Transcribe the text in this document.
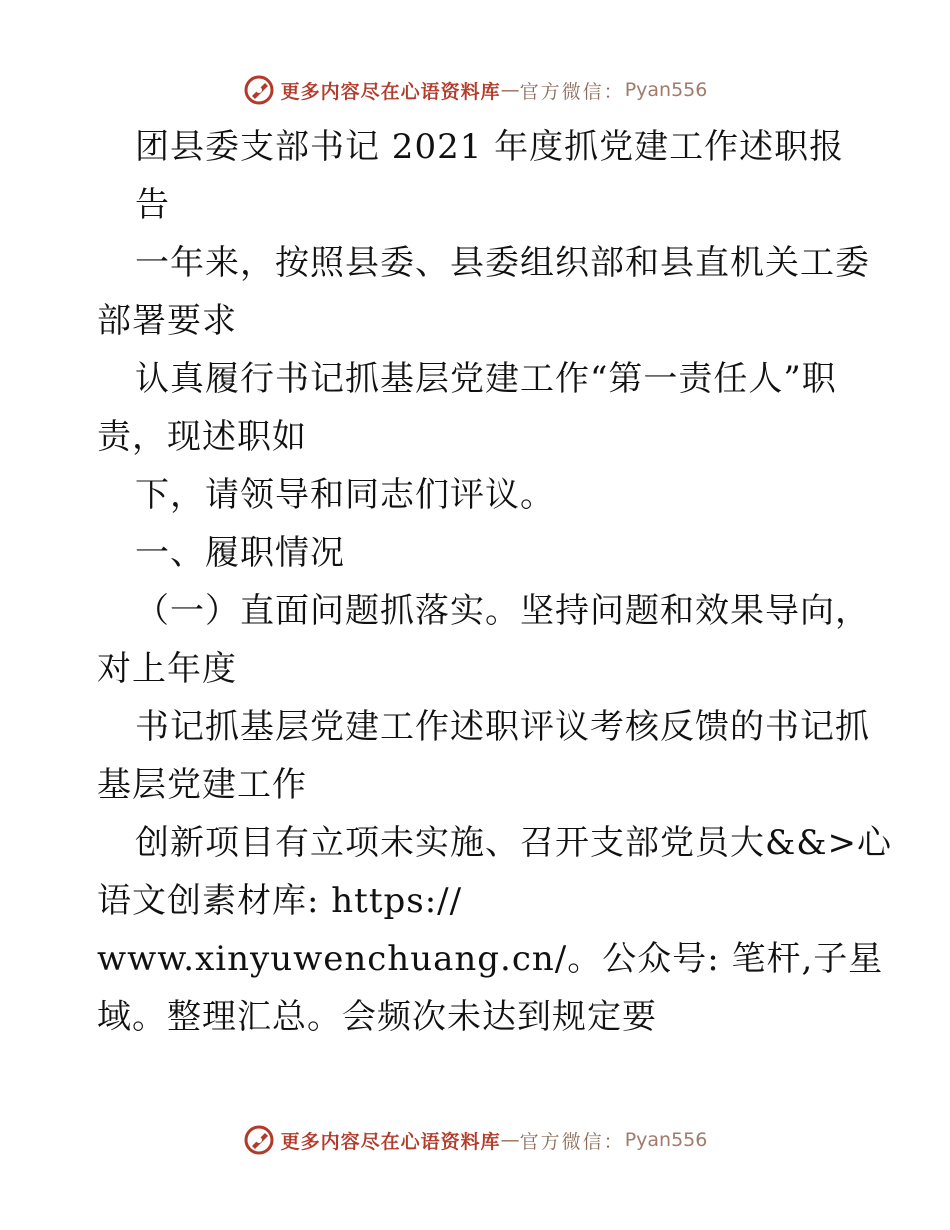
更多内容尽在心语资料库 — 官方微信： Pyan556
团县委支部书记 2021 年度抓党建工作述职报
告
一年来，按照县委、县委组织部和县直机关工委
部署要求
认真履行书记抓基层党建工作“第一责任人”职
责，现述职如
下，请领导和同志们评议。
一、履职情况
（一）直面问题抓落实。坚持问题和效果导向，
对上年度
书记抓基层党建工作述职评议考核反馈的书记抓
基层党建工作
创新项目有立项未实施、召开支部党员大&&>心
语文创素材库: https://
www.xinyuwenchuang.cn/。公众号: 笔杆,子星
域。整理汇总。会频次未达到规定要
更多内容尽在心语资料库 — 官方微信： Pyan556
